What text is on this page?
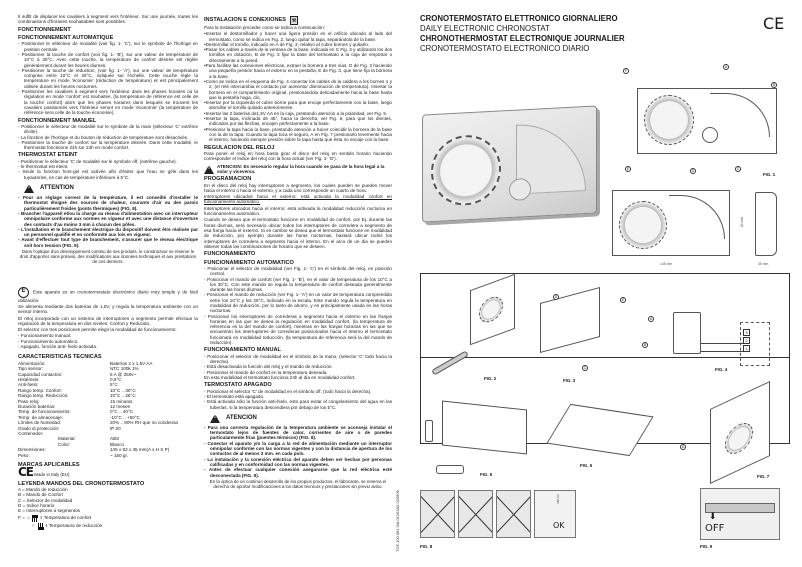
Il suffit de déplacer les cavaliers à segment vers l'intérieur. Sur une journée, toutes les combinaisons d'horaires souhaitables sont possibles.

FONCTIONNEMENT
FONCTIONNEMENT AUTOMATIQUE
- Positionner le sélecteur de modalité (voir fig. 1- 'C'), sur le symbole de l'horloge en position centrale.
- Positionner la touche de confort (voir fig. 1- 'B'), sur une valeur de température de 10°C à 30°C. Avec cette touche, la température de confort désirée est réglée généralement durant les heures diurnes.
- Positionner la touche de réduction, (voir fig. 1- 'A'), sur une valeur de température comprise entre 10°C et 26°C, indiquée sur l'échelle. Cette touche règle la température en mode 'économie' (réduction de température) et est principalement utilisée durant les heures nocturnes.
- Positionner les cavaliers à segment vers l'extérieur dans les phases horaires où la régulation en mode 'confort' est souhaitée, (la température de référence est celle de la touche confort) alors que les phases horaires dans lesquels se trouvent les cavaliers positionnés vers l'intérieur seront en mode 'économie' (la température de référence sera celle de la touche économie).
FONCTIONNEMENT MANUEL
- Positionner le sélecteur de modalité sur le symbole de la main (sélecteur 'C' extrême droite).
- La fonction de l'horloge et du bouton de réduction de température sont désactivés.
- Positionner la touche de confort sur la température désirée. Dans cette modalité, le thermostat fonctionne 24h sur 24h en mode confort.
THERMOSTAT ETEINT
- Positionner le sélecteur 'C' de modalité sur le symbole off, (extrême gauche).
- le thermostat est éteint.
- Seule la fonction hors-gel est activée afin d'éviter que l'eau ne gèle dans les tuyauteries, en cas de température inférieure à 5°C.
!
ATTENTION
- Pour un réglage correct de la température, il est conseillé d'installer le thermostat éloigné des sources de chaleur, courants d'air ou des parois particulièrement froides (ponts thermiques) (FIG. 8).
- Brancher l'appareil et/ou la charge au réseau d'alimentation avec un interrupteur omnipolaire conforme aux normes en vigueur et avec une distance d'ouverture des contacts d'au moins 3 mm à chacun des pôles.
- L'installation et le branchement électrique du dispositif doivent être réalisés par un personnel qualifié et en conformité aux lois en vigueur.
- Avant d'effectuer tout type de branchement, s'assurer que le réseau électrique soit hors tension (FIG. 9).

Dans l'optique d'un développement continu de ses produits, le constructeur se réserve le droit d'apporter sans préavis, des modifications aux données techniques et aux prestations de ces derniers.

E Este aparato es un cronotermostato electrónico diario muy simple y de fácil utilización.

Se alimenta mediante dos baterías de 1,5V, y regula la temperatura ambiente con un sensor interno.

El reloj incorporado con un sistema de interruptores a segmento permite efectuar la regulación de la temperatura en dos niveles: Confort y Reducido.

El selector con tres posiciones permite elegir la modalidad de funcionamiento:

- Funcionamiento manual.
- Funcionamiento automático.
- Apagado, función anti- hielo activada.
CARACTERISTICAS TECNICAS
Alimentación:	Baterías 2 x 1,5V AA
Tipo sensor:	NTC 100k 1%
Capacidad contactos:	5 A @ 250v~
Histéresis:	0,5°C
Anti-hielo:	5°C
Rango temp. Confort:	10°C .. 30°C
Rango temp. Reducción:	10°C .. 26°C
Paso reloj:	15 minutos
Duración baterías:	12 meses
Temp. de funcionamiento:	0°C .. 40°C
Temp. de almacenaje:	-10°C .. +50°C
Límites de humedad:	20% .. 80% RH que no condensa
Grado di protección:	IP 20
Contenedor:
Material:	ABS
Color:	Blanco
Dimensiones:	145 x 82 x 35 mm(A x H X P)
Peso:	~ 160 gr.
MARCAS APLICABLES
CE Made in Italy (EU)
LEYENDA MANDOS DEL CRONOTERMOSTATO
A = Mando de reducción
B = Mando de Confort
C = Selector de modalidad
D = Indice horario
E = Interruptores a segmentos
F = ☼ ŧ Temperatura de confort
☾ ŧ Temperatura de reducción
INSTALACION E CONEXIONES	⚒

Para la instalación proceder como se indica a continuación:

• Insertar el destornillador y hacer una ligera presión en el orificio ubicado al lado del termostato, como se indica en Fig. 2, luego quitar la tapa, separándola de la base.
• Destornillar el tornillo, indicado en A de Fig. 3, relativo al cubre bornes y quitarlo.
• Pasar los cables a través de la ventana de la base, indicada en C Fig. 3 y utilizando los dos tornillos en dotación, B de Fig. 3 fijar la base del termostato a la caja de empotrar o directamente a la pared.
• Para facilitar las conexiones eléctricas, extraer la bornera a tres vías, D de Fig. 3 haciendo una pequeña presión hacia el externo en la pestaña, E de Fig. 3, que tiene fija la bornera a la base.
• Como se indica en el esquema de Fig. 4 conectar los cables de la caldera a los bornes 1 y 2, (el relé intercambia el contacto por aumento/ disminución de temperatura). Insertar la bornera en el compartimiento original, presionándola delicadamente hacia la base hasta que la pestaña haga, clic.
• Insertar por la izquierda el cubre borne para que encaje perfectamente con la base, luego atornillar el tornillo quitado anteriormente.
• Insertar las 2 baterías de1,5V AA en la caja, prestando atención a la polaridad, ver Fig. 5.
• Insertar la tapa, inclinada de 45°, hacia la derecha, ver Fig. 6, para que los dientes, indicados por las flechas, encajen perfectamente a la base.
• Presionar la tapa hacia la base, prestando atención a hacer coincidir la bornera de la base con la de la tapa; Cuando la tapa toca el seguro, A en Fig. 7 presionarlo levemente hacia el interno, haciendo siempre presión sobre la tapa hasta que ésta no encaje con la base.
REGULACION DEL RELOJ

Para poner el reloj en hora basta girar el disco del reloj en sentido horario haciendo corresponder el índice del reloj con la hora actual (ver Fig. 1- 'D').

!
ATENCION: Es necesario regular la hora cuando se pasa de la hora legal a la solar y viceversa.
PROGRAMACION

En el disco del reloj hay interruptores a segmento, los cuales pueden se pueden mover hacia el interno o hacia el externo, y a cada uno corresponde un cuarto de hora.

Interruptores ubicados hacia el externo: está activada la modalidad confort en funcionamiento automático.

Interruptores ubicados hacia el interno: está activada la modalidad reducción nocturna en funcionamiento automático.

Cuando se desea que el termostato funcione en modalidad de confort, por Ej. durante las horas diurnas, será necesario ubicar todos los interruptores de corredera a segmento de esa franja hacia el externo. Si en cambio se desea que el termostato funcione en modalidad de reducción, por ejemplo durante las horas nocturnas, bastará ubicar todos los interruptores de corredera a segmento hacia el interno. En el arco de un día se pueden obtener todas las combinaciones de horario que se deseen.

FUNCIONAMIENTO
FUNCIONAMIENTO AUTOMATICO
- Posicionar el selector de modalidad (ver Fig. 1- 'C') en el símbolo del reloj, en posición central.
- Posicionar el mando de confort (ver Fig. 1- 'B'), en el valor de temperatura de los 10°C a los 30°C. Con este mando se regula la temperatura de confort deseada generalmente durante las horas diurnas.
- Posicionar el mando de reducción (ver Fig. 1- 'A') en un valor de temperatura comprendido entre los 10°C y los 26°C, indicado en la escala. Este mando regula la temperatura en modalidad de reducción, por lo tanto de ahorro, y es principalmente usada en las horas nocturnas.
- Posicionar los interruptores de correderas a segmento hacia el externo en las franjas horarias en las que se desea la regulación en modalidad confort, (la temperatura de referencia es la del mando de confort), mientras en las franjas horarias en las que se encuentran los interruptores de correderas posicionados hacia el interno el termostato funcionará en modalidad reducción, (la temperatura de referencia será la del mando de reducción).
FUNCIONAMIENTO MANUAL
- Posicionar el selector de modalidad en el símbolo de la mano, (selector 'C' todo hacia la derecha).
- Está desactivada la función del reloj y el mando de reducción.
- Posicionar el mando de confort en la temperatura deseada.

En esta modalidad el termostato funciona 24h al día en modalidad confort.

TERMOSTATO APAGADO
- Posicionar el selector 'C' de modalidad en el símbolo off, (todo hacia la derecha).
- El termostato está apagado.
- Está activada sólo la función anti-hielo, esto para evitar el congelamiento del agua en las tuberías, si la temperatura descendiera por debajo de los 5°C.
!
ATENCION
- Para una correcta regulación de la temperatura ambiente se aconseja instalar el termostato lejos de fuentes de calor, corrientes de aire o de paredes particularmente frías (puentes térmicos) (FIG. 8).
- Conectar el aparato y/o la carga a la red de alimentación mediante un interruptor omnipolar conforme con las normas vigentes y con la distancia de apertura de los contactos de al menos 3 mm. en cada polo.
- La instalación y la conexión eléctrica del aparato deben ser hechas por personas calificadas y en conformidad con las normas vigentes.
- Antes de efectuar cualquier conexión asegurarse que la red eléctrica esté desconectada (FIG. 9).

En la óptica de un continuo desarrollo de los propios productos, el fabricante, se reserva el derecho de aportar modificaciones a los datos técnicos y prestaciones sin previo aviso.

TCE 100 081 0M 01263A0 020909
CRONOTERMOSTATO ELETTRONICO GIORNALIERO
DAILY ELECTRONIC CHRONOSTAT
CHRONOTHERMOSTAT ELECTRONIQUE JOURNALIER
CRONOTERMOSTATO ELECTRONICO DIARIO
CE
F
A
B
E	D	C
FIG. 1
145 mm
82 mm
35 mm
FIG. 2
D
E
A
B
C
FIG. 3
3
2
1
FIG. 4
FIG. 5
FIG. 6
A
FIG. 7
150 cm
OK
FIG. 8
⬇
OFF
FIG. 9
